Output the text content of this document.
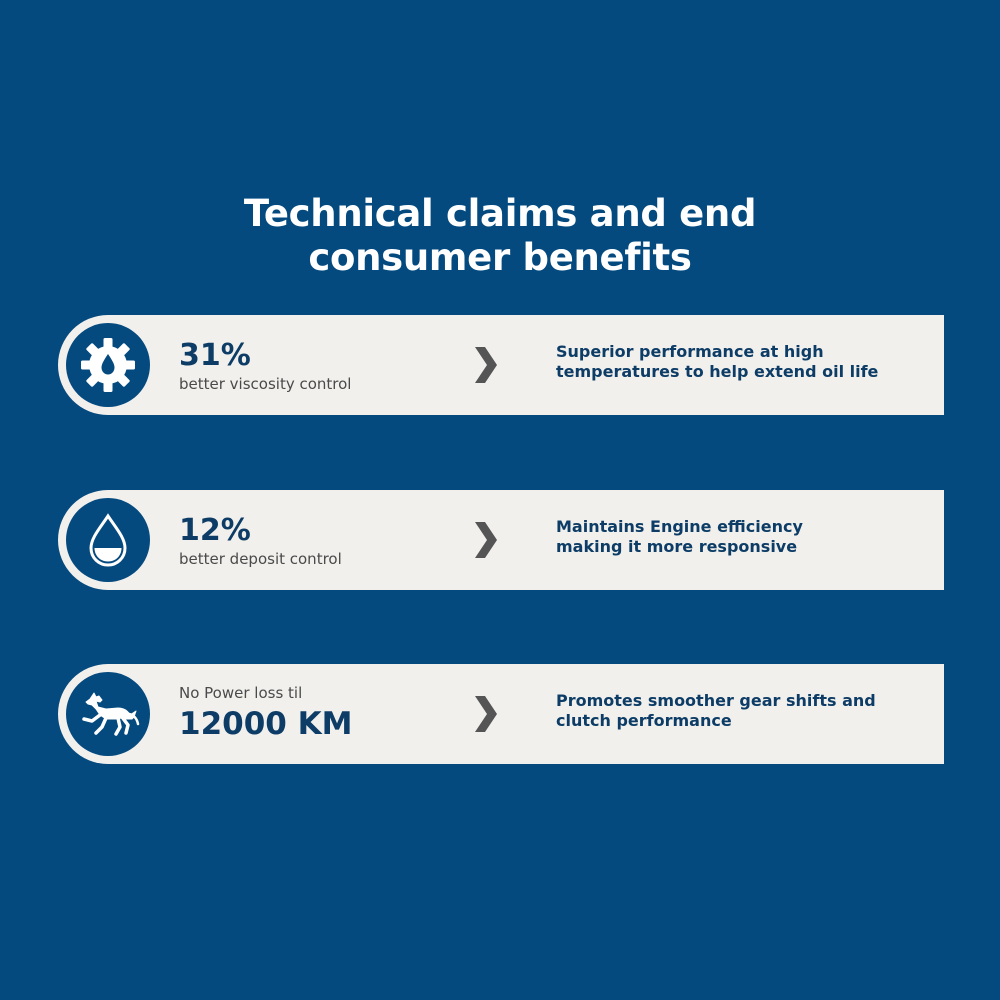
Technical claims and end
consumer benefits
31%
better viscosity control
Superior performance at high
temperatures to help extend oil life
12%
better deposit control
Maintains Engine efficiency
making it more responsive
No Power loss til
12000 KM
Promotes smoother gear shifts and
clutch performance
